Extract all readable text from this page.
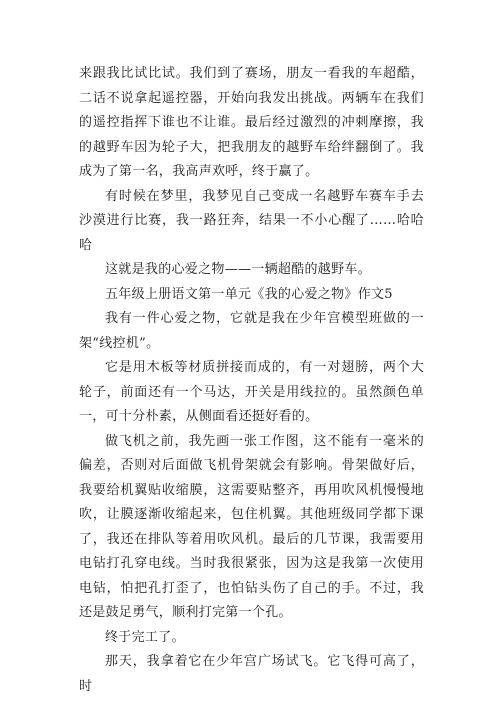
来跟我比试比试。我们到了赛场，朋友一看我的车超酷，二话不说拿起遥控器，开始向我发出挑战。两辆车在我们的遥控指挥下谁也不让谁。最后经过激烈的冲刺摩擦，我的越野车因为轮子大，把我朋友的越野车给绊翻倒了。我成为了第一名，我高声欢呼，终于赢了。

有时候在梦里，我梦见自己变成一名越野车赛车手去沙漠进行比赛，我一路狂奔，结果一不小心醒了……哈哈哈

这就是我的心爱之物——一辆超酷的越野车。

五年级上册语文第一单元《我的心爱之物》作文5

我有一件心爱之物，它就是我在少年宫模型班做的一架“线控机”。

它是用木板等材质拼接而成的，有一对翅膀，两个大轮子，前面还有一个马达，开关是用线拉的。虽然颜色单一，可十分朴素，从侧面看还挺好看的。

做飞机之前，我先画一张工作图，这不能有一毫米的偏差，否则对后面做飞机骨架就会有影响。骨架做好后，我要给机翼贴收缩膜，这需要贴整齐，再用吹风机慢慢地吹，让膜逐渐收缩起来，包住机翼。其他班级同学都下课了，我还在排队等着用吹风机。最后的几节课，我需要用电钻打孔穿电线。当时我很紧张，因为这是我第一次使用电钻，怕把孔打歪了，也怕钻头伤了自己的手。不过，我还是鼓足勇气，顺利打完第一个孔。

终于完工了。

那天，我拿着它在少年宫广场试飞。它飞得可高了，时
